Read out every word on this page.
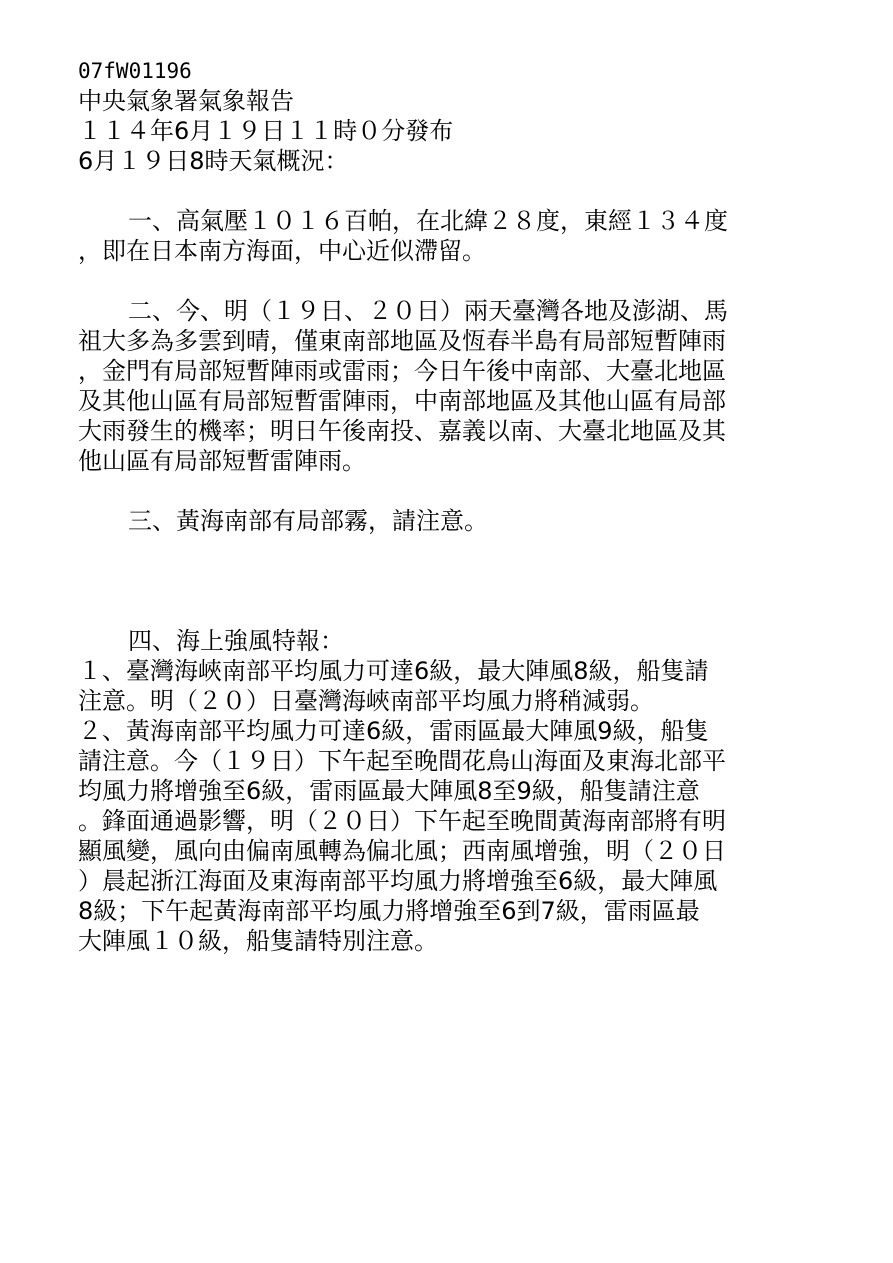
07fW01196
中央氣象署氣象報告
１１４年6月１９日１１時０分發布
6月１９日8時天氣概況：
一、高氣壓１０１６百帕，在北緯２８度，東經１３４度
，即在日本南方海面，中心近似滯留。
二、今、明（１９日、２０日）兩天臺灣各地及澎湖、馬
祖大多為多雲到晴，僅東南部地區及恆春半島有局部短暫陣雨
，金門有局部短暫陣雨或雷雨；今日午後中南部、大臺北地區
及其他山區有局部短暫雷陣雨，中南部地區及其他山區有局部
大雨發生的機率；明日午後南投、嘉義以南、大臺北地區及其
他山區有局部短暫雷陣雨。
三、黃海南部有局部霧，請注意。
四、海上強風特報：
１、臺灣海峽南部平均風力可達6級，最大陣風8級，船隻請
注意。明（２０）日臺灣海峽南部平均風力將稍減弱。
２、黃海南部平均風力可達6級，雷雨區最大陣風9級，船隻
請注意。今（１９日）下午起至晚間花鳥山海面及東海北部平
均風力將增強至6級，雷雨區最大陣風8至9級，船隻請注意
。鋒面通過影響，明（２０日）下午起至晚間黃海南部將有明
顯風變，風向由偏南風轉為偏北風；西南風增強，明（２０日
）晨起浙江海面及東海南部平均風力將增強至6級，最大陣風
8級；下午起黃海南部平均風力將增強至6到7級，雷雨區最
大陣風１０級，船隻請特別注意。
